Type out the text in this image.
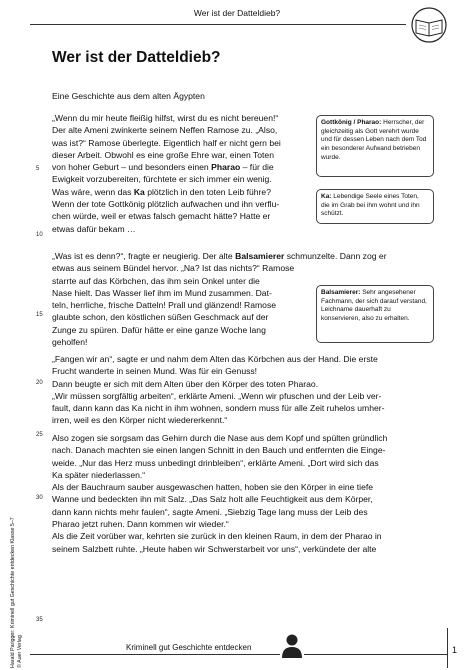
Wer ist der Datteldieb?
Wer ist der Datteldieb?
Eine Geschichte aus dem alten Ägypten
„Wenn du mir heute fleißig hilfst, wirst du es nicht bereuen!“
Der alte Ameni zwinkerte seinem Neffen Ramose zu. „Also,
was ist?“ Ramose überlegte. Eigentlich half er nicht gern bei
dieser Arbeit. Obwohl es eine große Ehre war, einen Toten
von hoher Geburt – und besonders einen Pharao – für die
Ewigkeit vorzubereiten, fürchtete er sich immer ein wenig.
Was wäre, wenn das Ka plötzlich in den toten Leib führe?
Wenn der tote Gottkönig plötzlich aufwachen und ihn verflu-
chen würde, weil er etwas falsch gemacht hätte? Hatte er
etwas dafür bekam …
„Was ist es denn?“, fragte er neugierig. Der alte Balsamierer schmunzelte. Dann zog er
etwas aus seinem Bündel hervor. „Na? Ist das nichts?“ Ramose
starrte auf das Körbchen, das ihm sein Onkel unter die
Nase hielt. Das Wasser lief ihm im Mund zusammen. Dat-
teln, herrliche, frische Datteln! Prall und glänzend! Ramose
glaubte schon, den köstlichen süßen Geschmack auf der
Zunge zu spüren. Dafür hätte er eine ganze Woche lang
geholfen!
„Fangen wir an“, sagte er und nahm dem Alten das Körbchen aus der Hand. Die erste
Frucht wanderte in seinen Mund. Was für ein Genuss!
Dann beugte er sich mit dem Alten über den Körper des toten Pharao.
„Wir müssen sorgfältig arbeiten“, erklärte Ameni. „Wenn wir pfuschen und der Leib ver-
fault, dann kann das Ka nicht in ihm wohnen, sondern muss für alle Zeit ruhelos umher-
irren, weil es den Körper nicht wiedererkennt.“
Also zogen sie sorgsam das Gehirn durch die Nase aus dem Kopf und spülten gründlich
nach. Danach machten sie einen langen Schnitt in den Bauch und entfernten die Einge-
weide. „Nur das Herz muss unbedingt drinbleiben“, erklärte Ameni. „Dort wird sich das
Ka später niederlassen.“
Als der Bauchraum sauber ausgewaschen hatten, hoben sie den Körper in eine tiefe
Wanne und bedeckten ihn mit Salz. „Das Salz holt alle Feuchtigkeit aus dem Körper,
dann kann nichts mehr faulen“, sagte Ameni. „Siebzig Tage lang muss der Leib des
Pharao jetzt ruhen. Dann kommen wir wieder.“
Als die Zeit vorüber war, kehrten sie zurück in den kleinen Raum, in dem der Pharao in
seinem Salzbett ruhte. „Heute haben wir Schwerstarbeit vor uns“, verkündete der alte
5
10
15
20
25
30
35
Gottkönig / Pharao: Herrscher, der gleichzeitig als Gott verehrt wurde und für dessen Leben nach dem Tod ein besonderer Aufwand betrieben wurde.
Ka: Lebendige Seele eines Toten, die im Grab bei ihm wohnt und ihn schützt.
Balsamierer: Sehr angesehener Fachmann, der sich darauf verstand, Leichname dauerhaft zu konservieren, also zu erhalten.
Harald Parigger: Kriminell gut Geschichte entdecken Klasse 5–7 © Auer Verlag	Kriminell gut Geschichte entdecken	1
